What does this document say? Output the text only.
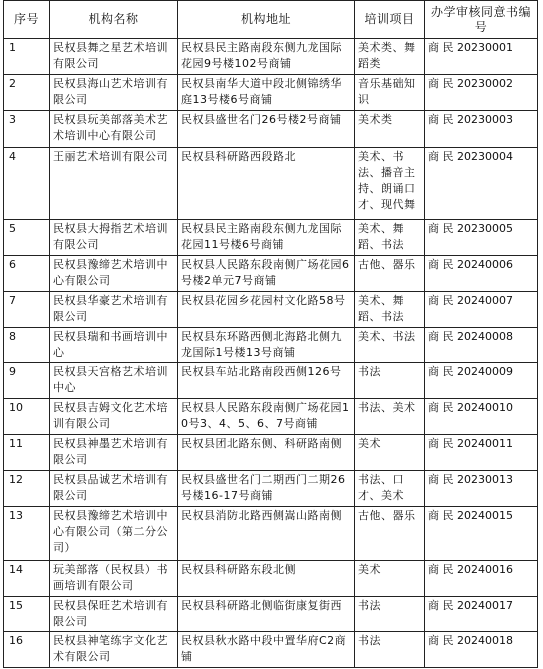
序号	机构名称	机构地址	培训项目	办学审核同意书编号
1	民权县舞之星艺术培训有限公司	民权县民主路南段东侧九龙国际花园9号楼102号商铺	美术类、舞蹈类	商 民 20230001
2	民权县海山艺术培训有限公司	民权县南华大道中段北侧锦绣华庭13号楼6号商铺	音乐基础知识	商 民 20230002
3	民权县玩美部落美术艺术培训中心有限公司	民权县盛世名门26号楼2号商铺	美术类	商 民 20230003
4	王丽艺术培训有限公司	民权县科研路西段路北	美术、书法、播音主持、朗诵口才、现代舞	商 民 20230004
5	民权县大拇指艺术培训有限公司	民权县民主路南段东侧九龙国际花园11号楼6号商铺	美术、舞蹈、书法	商 民 20230005
6	民权县豫缔艺术培训中心有限公司	民权县人民路东段南侧广场花园6号楼2单元7号商铺	古他、器乐	商 民 20240006
7	民权县华豪艺术培训有限公司	民权县花园乡花园村文化路58号	美术、舞蹈、书法	商 民 20240007
8	民权县瑞和书画培训中心	民权县东环路西侧北海路北侧九龙国际1号楼13号商铺	美术、书法	商 民 20240008
9	民权县天宫格艺术培训中心	民权县车站北路南段西侧126号	书法	商 民 20240009
10	民权县吉姆文化艺术培训有限公司	民权县人民路东段南侧广场花园10号3、4、5、6、7号商铺	书法、美术	商 民 20240010
11	民权县神墨艺术培训有限公司	民权县团北路东侧、科研路南侧	美术	商 民 20240011
12	民权县品诚艺术培训有限公司	民权县盛世名门二期西门二期26号楼16-17号商铺	书法、口才、美术	商 民 20230013
13	民权县豫缔艺术培训中心有限公司（第二分公司）	民权县消防北路西侧嵩山路南侧	古他、器乐	商 民 20240015
14	玩美部落（民权县）书画培训有限公司	民权县科研路东段北侧	美术	商 民 20240016
15	民权县保旺艺术培训有限公司	民权县科研路北侧临街康复街西	书法	商 民 20240017
16	民权县神笔练字文化艺术有限公司	民权县秋水路中段中置华府C2商铺	书法	商 民 20240018
